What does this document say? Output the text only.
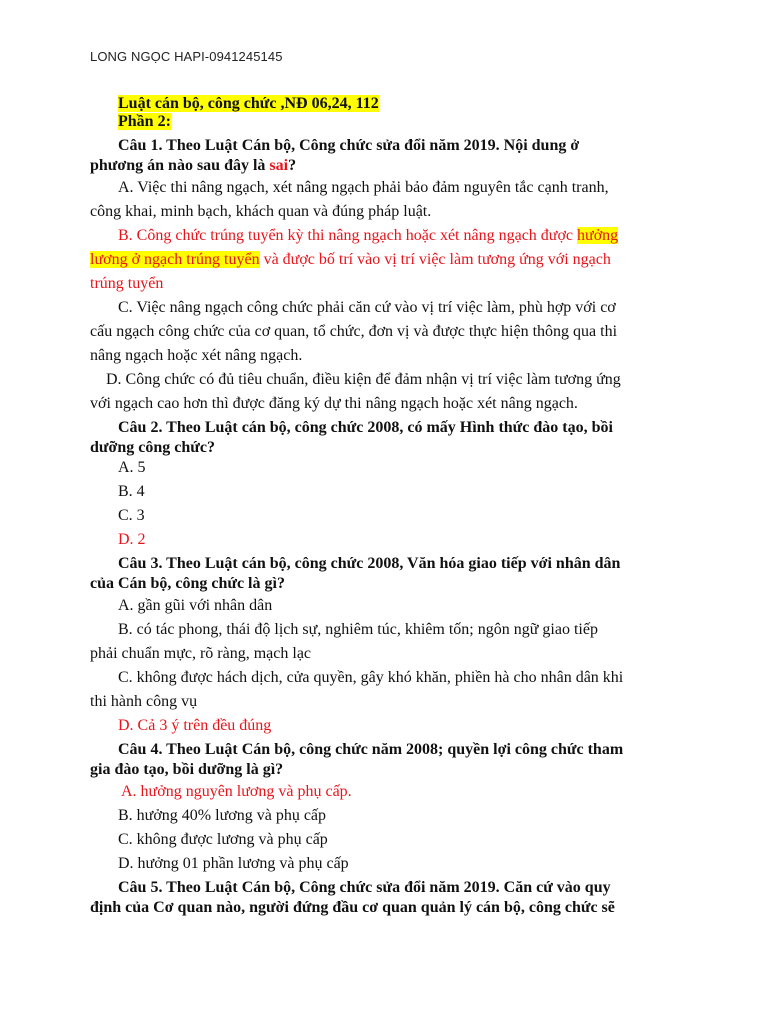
LONG NGỌC HAPI-0941245145
Luật cán bộ, công chức ,NĐ 06,24, 112
Phần 2:
Câu 1. Theo Luật Cán bộ, Công chức sửa đổi năm 2019. Nội dung ở
phương án nào sau đây là sai?
A. Việc thi nâng ngạch, xét nâng ngạch phải bảo đảm nguyên tắc cạnh tranh,
công khai, minh bạch, khách quan và đúng pháp luật.
B. Công chức trúng tuyển kỳ thi nâng ngạch hoặc xét nâng ngạch được hưởng
lương ở ngạch trúng tuyển và được bố trí vào vị trí việc làm tương ứng với ngạch
trúng tuyển
C. Việc nâng ngạch công chức phải căn cứ vào vị trí việc làm, phù hợp với cơ
cấu ngạch công chức của cơ quan, tổ chức, đơn vị và được thực hiện thông qua thi
nâng ngạch hoặc xét nâng ngạch.
D. Công chức có đủ tiêu chuẩn, điều kiện để đảm nhận vị trí việc làm tương ứng
với ngạch cao hơn thì được đăng ký dự thi nâng ngạch hoặc xét nâng ngạch.
Câu 2. Theo Luật cán bộ, công chức 2008, có mấy Hình thức đào tạo, bồi
dưỡng công chức?
A. 5
B. 4
C. 3
D. 2
Câu 3. Theo Luật cán bộ, công chức 2008, Văn hóa giao tiếp với nhân dân
của Cán bộ, công chức là gì?
A. gần gũi với nhân dân
B. có tác phong, thái độ lịch sự, nghiêm túc, khiêm tốn; ngôn ngữ giao tiếp
phải chuẩn mực, rõ ràng, mạch lạc
C. không được hách dịch, cửa quyền, gây khó khăn, phiền hà cho nhân dân khi
thi hành công vụ
D. Cả 3 ý trên đều đúng
Câu 4. Theo Luật Cán bộ, công chức năm 2008; quyền lợi công chức tham
gia đào tạo, bồi dưỡng là gì?
A. hưởng nguyên lương và phụ cấp.
B. hưởng 40% lương và phụ cấp
C. không được lương và phụ cấp
D. hưởng 01 phần lương và phụ cấp
Câu 5. Theo Luật Cán bộ, Công chức sửa đổi năm 2019. Căn cứ vào quy
định của Cơ quan nào, người đứng đầu cơ quan quản lý cán bộ, công chức sẽ
